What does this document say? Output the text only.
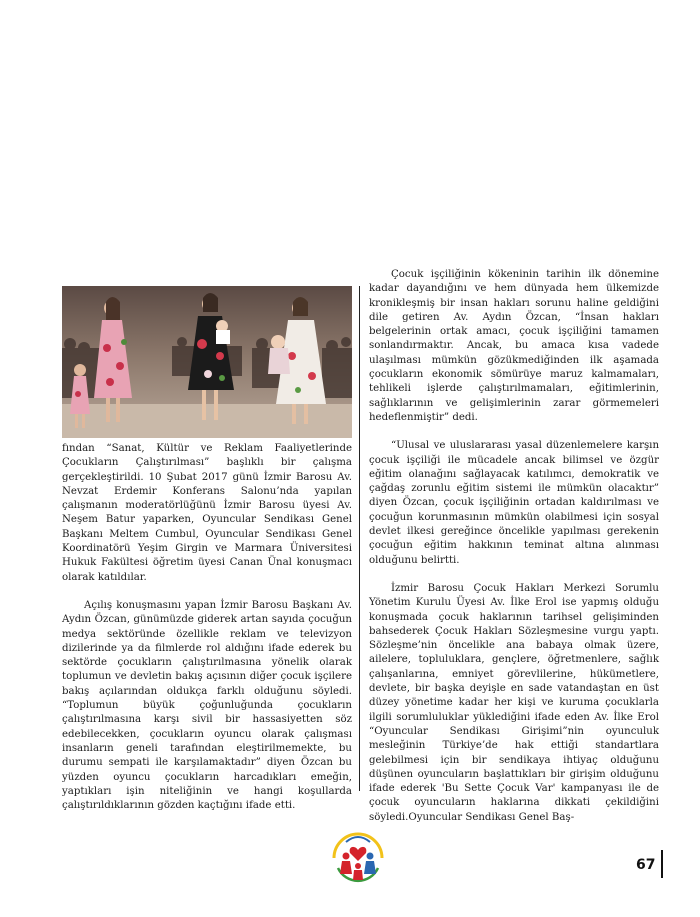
fından “Sanat, Kültür ve Reklam Faaliyetlerinde Çocukların Çalıştırılması” başlıklı bir çalışma gerçekleştirildi. 10 Şubat 2017 günü İzmir Barosu Av. Nevzat Erdemir Konferans Salonu’nda yapılan çalışmanın moderatörlüğünü İzmir Barosu üyesi Av. Neşem Batur yaparken, Oyuncular Sendikası Genel Başkanı Meltem Cumbul, Oyuncular Sendikası Genel Koordinatörü Yeşim Girgin ve Marmara Üniversitesi Hukuk Fakültesi öğretim üyesi Canan Ünal konuşmacı olarak katıldılar.

Açılış konuşmasını yapan İzmir Barosu Başkanı Av. Aydın Özcan, günümüzde giderek artan sayıda çocuğun medya sektöründe özellikle reklam ve televizyon dizilerinde ya da filmlerde rol aldığını ifade ederek bu sektörde çocukların çalıştırılmasına yönelik olarak toplumun ve devletin bakış açısının diğer çocuk işçilere bakış açılarından oldukça farklı olduğunu söyledi. “Toplumun büyük çoğunluğunda çocukların çalıştırılmasına karşı sivil bir hassasiyetten söz edebilecekken, çocukların oyuncu olarak çalışması insanların geneli tarafından eleştirilmemekte, bu durumu sempati ile karşılamaktadır” diyen Özcan bu yüzden oyuncu çocukların harcadıkları emeğin, yaptıkları işin niteliğinin ve hangi koşullarda çalıştırıldıklarının gözden kaçtığını ifade etti.

Çocuk işçiliğinin kökeninin tarihin ilk dönemine kadar dayandığını ve hem dünyada hem ülkemizde kronikleşmiş bir insan hakları sorunu haline geldiğini dile getiren Av. Aydın Özcan, “İnsan hakları belgelerinin ortak amacı, çocuk işçiliğini tamamen sonlandırmaktır. Ancak, bu amaca kısa vadede ulaşılması mümkün gözükmediğinden ilk aşamada çocukların ekonomik sömürüye maruz kalmamaları, tehlikeli işlerde çalıştırılmamaları, eğitimlerinin, sağlıklarının ve gelişimlerinin zarar görmemeleri hedeflenmiştir” dedi.

“Ulusal ve uluslararası yasal düzenlemelere karşın çocuk işçiliği ile mücadele ancak bilimsel ve özgür eğitim olanağını sağlayacak katılımcı, demokratik ve çağdaş zorunlu eğitim sistemi ile mümkün olacaktır” diyen Özcan, çocuk işçiliğinin ortadan kaldırılması ve çocuğun korunmasının mümkün olabilmesi için sosyal devlet ilkesi gereğince öncelikle yapılması gerekenin çocuğun eğitim hakkının teminat altına alınması olduğunu belirtti.

İzmir Barosu Çocuk Hakları Merkezi Sorumlu Yönetim Kurulu Üyesi Av. İlke Erol ise yapmış olduğu konuşmada çocuk haklarının tarihsel gelişiminden bahsederek Çocuk Hakları Sözleşmesine vurgu yaptı. Sözleşme’nin öncelikle ana babaya olmak üzere, ailelere, topluluklara, gençlere, öğretmenlere, sağlık çalışanlarına, emniyet görevlilerine, hükümetlere, devlete, bir başka deyişle en sade vatandaştan en üst düzey yönetime kadar her kişi ve kuruma çocuklarla ilgili sorumluluklar yüklediğini ifade eden Av. İlke Erol “Oyuncular Sendikası Girişimi”nin oyunculuk mesleğinin Türkiye’de hak ettiği standartlara gelebilmesi için bir sendikaya ihtiyaç olduğunu düşünen oyuncuların başlattıkları bir girişim olduğunu ifade ederek 'Bu Sette Çocuk Var' kampanyası ile de çocuk oyuncuların haklarına dikkati çekildiğini söyledi.Oyuncular Sendikası Genel Baş-

67
